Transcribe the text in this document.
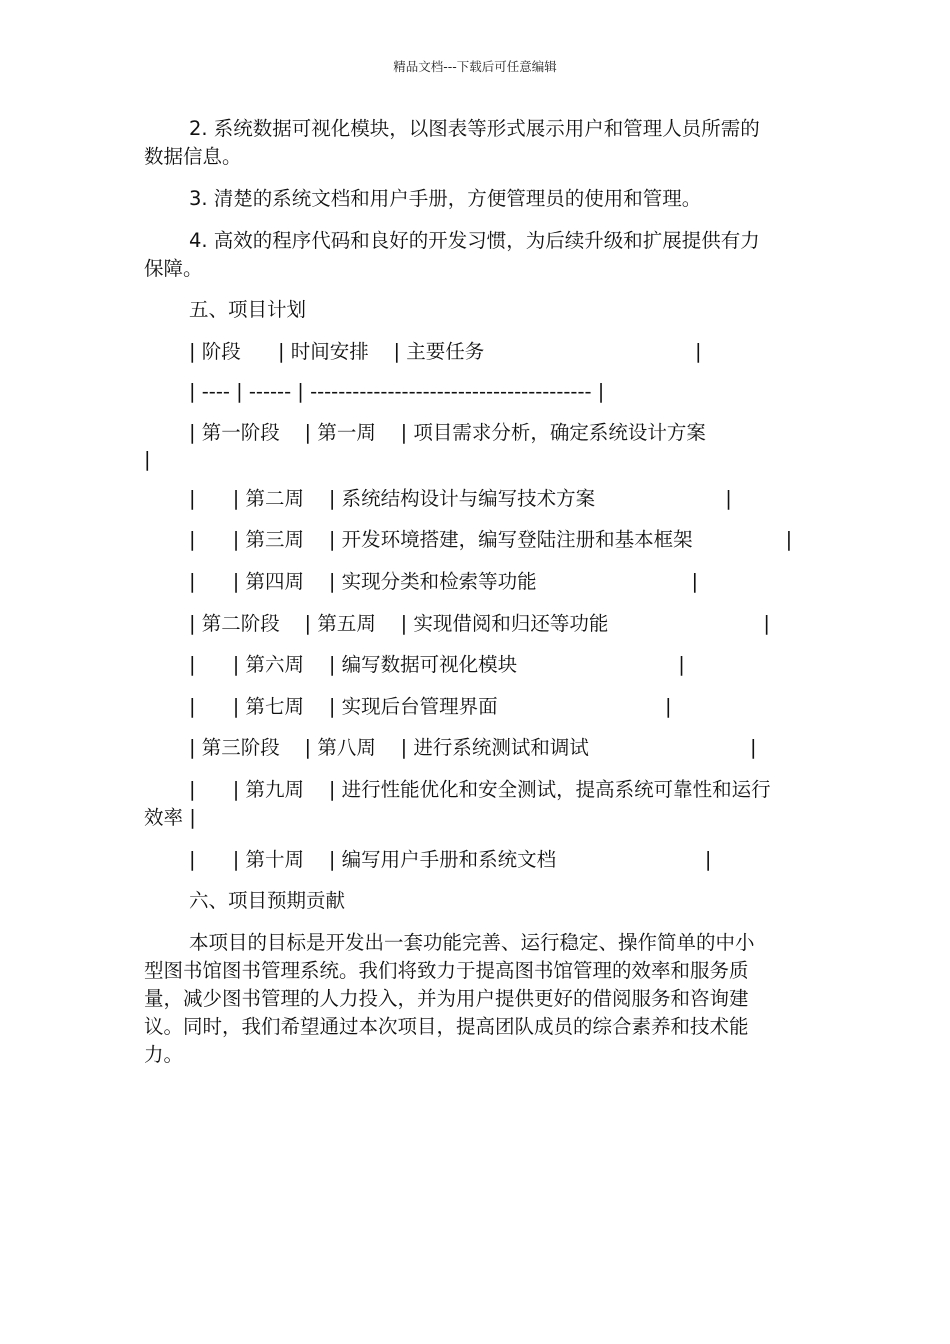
精品文档---下载后可任意编辑
2. 系统数据可视化模块，以图表等形式展示用户和管理人员所需的
数据信息。
3. 清楚的系统文档和用户手册，方便管理员的使用和管理。
4. 高效的程序代码和良好的开发习惯，为后续升级和扩展提供有力
保障。
五、项目计划
| 阶段      | 时间安排    | 主要任务                                  |
| ---- | ------ | ---------------------------------------- |
| 第一阶段    | 第一周    | 项目需求分析，确定系统设计方案
|
|      | 第二周    | 系统结构设计与编写技术方案                     |
|      | 第三周    | 开发环境搭建，编写登陆注册和基本框架               |
|      | 第四周    | 实现分类和检索等功能                         |
| 第二阶段    | 第五周    | 实现借阅和归还等功能                         |
|      | 第六周    | 编写数据可视化模块                          |
|      | 第七周    | 实现后台管理界面                           |
| 第三阶段    | 第八周    | 进行系统测试和调试                          |
|      | 第九周    | 进行性能优化和安全测试，提高系统可靠性和运行
效率 |
|      | 第十周    | 编写用户手册和系统文档                        |
六、项目预期贡献
本项目的目标是开发出一套功能完善、运行稳定、操作简单的中小
型图书馆图书管理系统。我们将致力于提高图书馆管理的效率和服务质
量，减少图书管理的人力投入，并为用户提供更好的借阅服务和咨询建
议。同时，我们希望通过本次项目，提高团队成员的综合素养和技术能
力。
